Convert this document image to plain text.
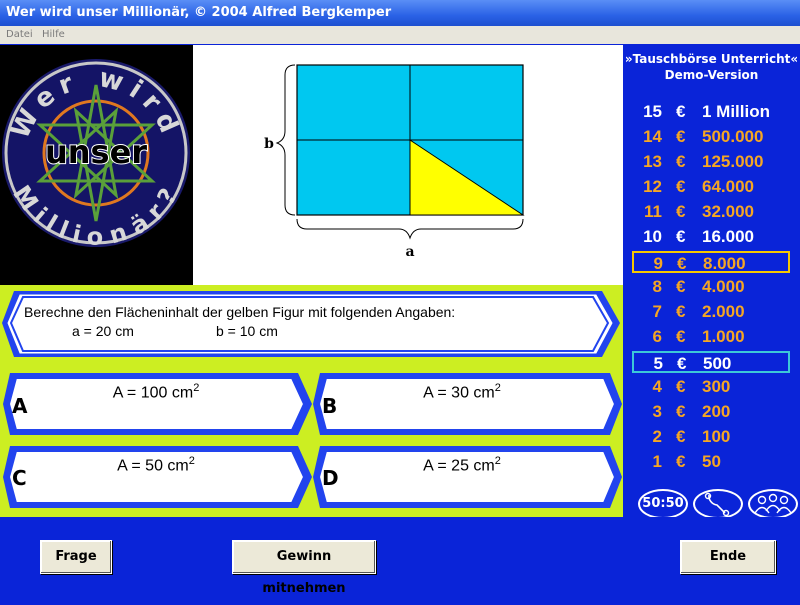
Wer wird unser Millionär, © 2004 Alfred Bergkemper
Datei Hilfe
Wer wird
Millionär?
unser	b
a
Berechne den Flächeninhalt der gelben Figur mit folgenden Angaben:
a = 20 cm	b = 10 cm
A
A = 100 $cm^2$
B
A = 30 $cm^2$
C
A = 50 $cm^2$
D
A = 25 $cm^2$
»Tauschbörse Unterricht«
Demo-Version
15 € 1 Million
14 € 500.000
13 € 125.000
12 € 64.000
11 € 32.000
10 € 16.000
9 € 8.000
8 € 4.000
7 € 2.000
6 € 1.000
5 € 500
4 € 300
3 € 200
2 € 100
1 € 50
50:50
Frage	Gewinn mitnehmen
Ende
